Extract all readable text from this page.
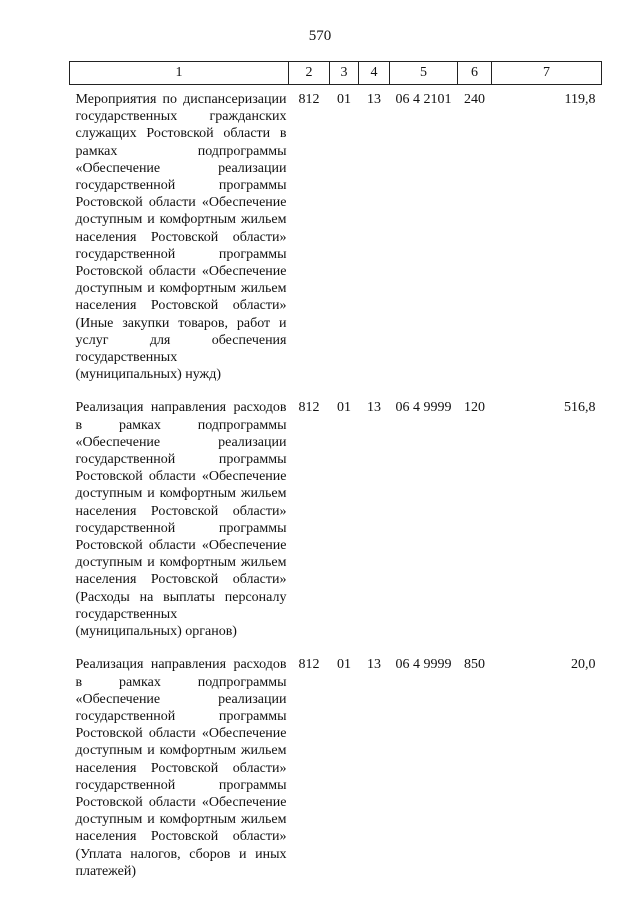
570
1	2	3	4	5	6	7
Мероприятия по диспансеризации государственных гражданских служащих Ростовской области в рамках подпрограммы «Обеспечение реализации государственной программы Ростовской области «Обеспечение доступным и комфортным жильем населения Ростовской области» государственной программы Ростовской области «Обеспечение доступным и комфортным жильем населения Ростовской области» (Иные закупки товаров, работ и услуг для обеспечения государственных (муниципальных) нужд)	812	01	13	06 4 2101	240	119,8

Реализация направления расходов в рамках подпрограммы «Обеспечение реализации государственной программы Ростовской области «Обеспечение доступным и комфортным жильем населения Ростовской области» государственной программы Ростовской области «Обеспечение доступным и комфортным жильем населения Ростовской области» (Расходы на выплаты персоналу государственных (муниципальных) органов)	812	01	13	06 4 9999	120	516,8

Реализация направления расходов в рамках подпрограммы «Обеспечение реализации государственной программы Ростовской области «Обеспечение доступным и комфортным жильем населения Ростовской области» государственной программы Ростовской области «Обеспечение доступным и комфортным жильем населения Ростовской области» (Уплата налогов, сборов и иных платежей)	812	01	13	06 4 9999	850	20,0
